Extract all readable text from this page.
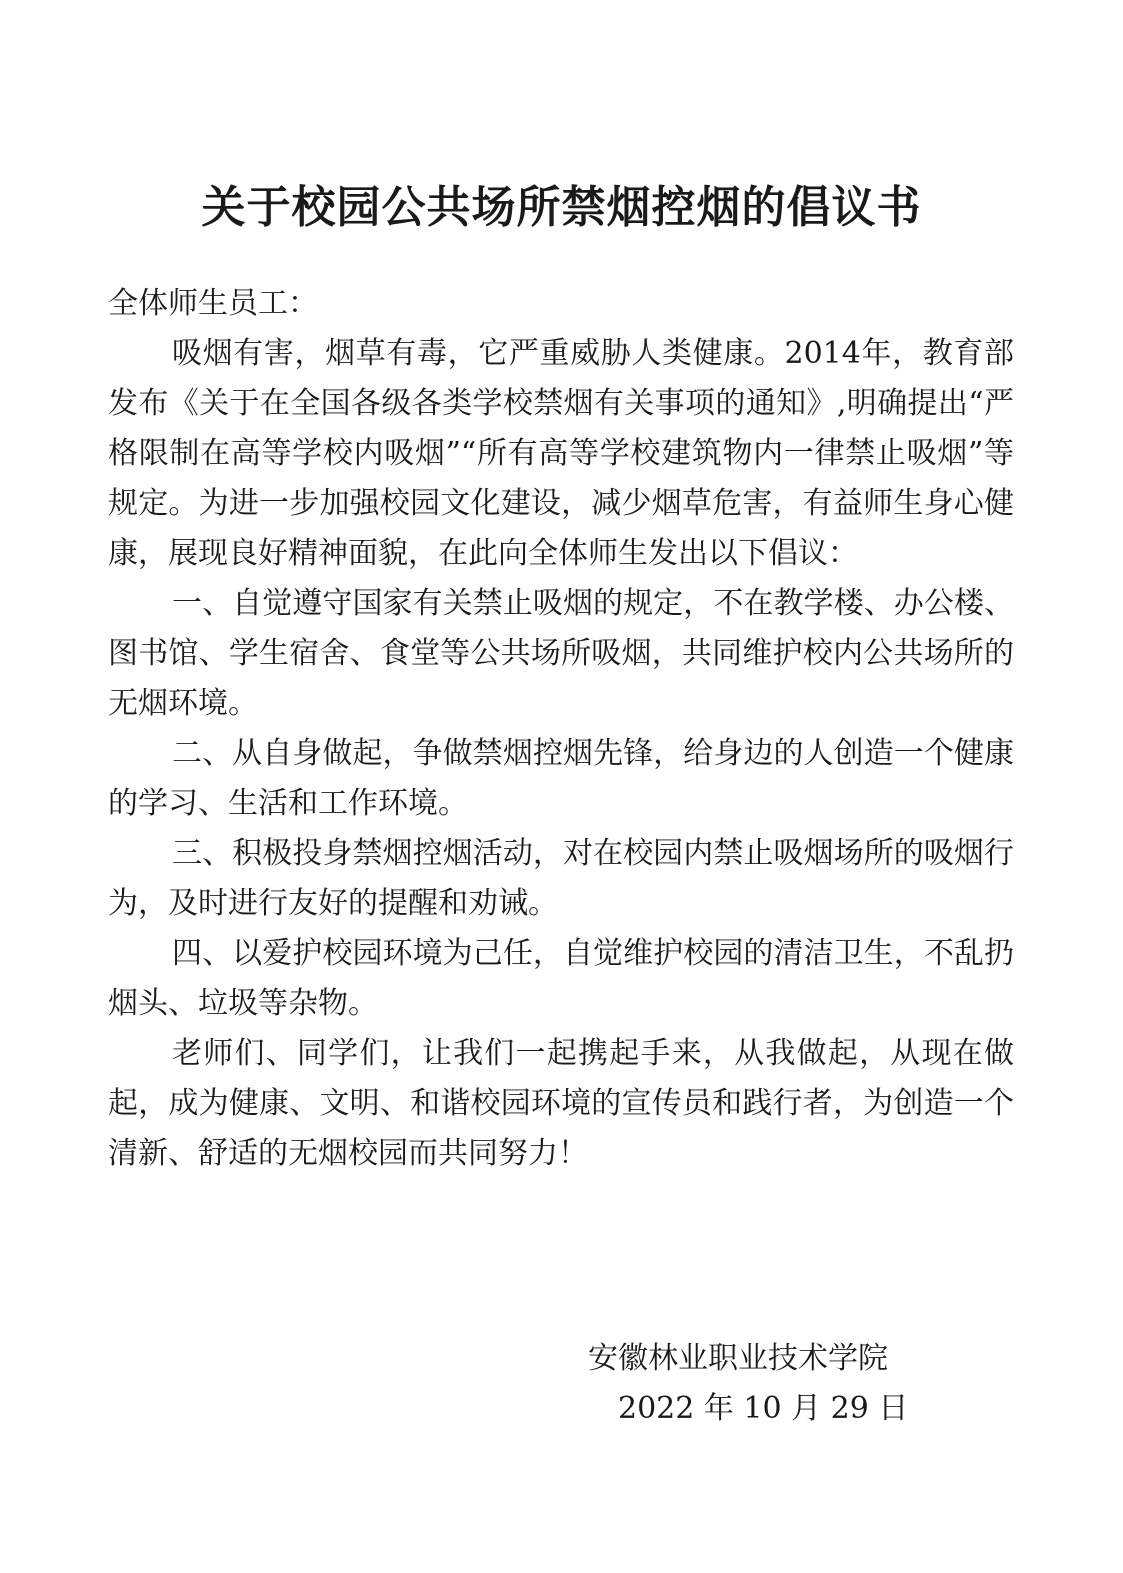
关于校园公共场所禁烟控烟的倡议书

全体师生员工：

吸烟有害，烟草有毒，它严重威胁人类健康。2014年，教育部发布《关于在全国各级各类学校禁烟有关事项的通知》,明确提出“严格限制在高等学校内吸烟”“所有高等学校建筑物内一律禁止吸烟”等规定。为进一步加强校园文化建设，减少烟草危害，有益师生身心健康，展现良好精神面貌，在此向全体师生发出以下倡议：

一、自觉遵守国家有关禁止吸烟的规定，不在教学楼、办公楼、图书馆、学生宿舍、食堂等公共场所吸烟，共同维护校内公共场所的无烟环境。

二、从自身做起，争做禁烟控烟先锋，给身边的人创造一个健康的学习、生活和工作环境。

三、积极投身禁烟控烟活动，对在校园内禁止吸烟场所的吸烟行为，及时进行友好的提醒和劝诫。

四、以爱护校园环境为己任，自觉维护校园的清洁卫生，不乱扔烟头、垃圾等杂物。

老师们、同学们，让我们一起携起手来，从我做起，从现在做起，成为健康、文明、和谐校园环境的宣传员和践行者，为创造一个清新、舒适的无烟校园而共同努力！

安徽林业职业技术学院
2022 年 10 月 29 日
